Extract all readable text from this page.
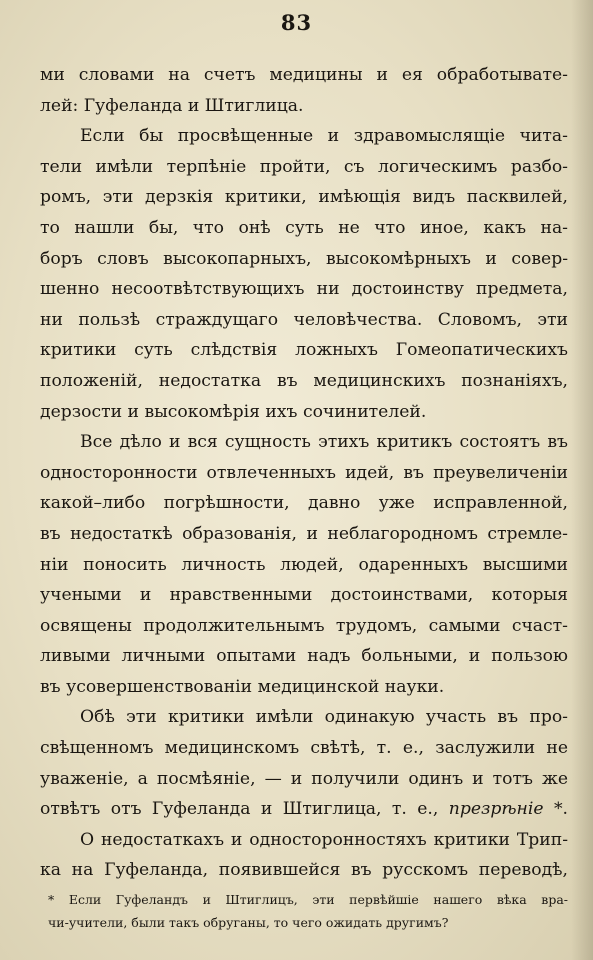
83
ми словами на счетъ медицины и ея обработывате-
лей: Гуфеланда и Штиглица.
Если бы просвѣщенные и здравомыслящіе чита-
тели имѣли терпѣніе пройти, съ логическимъ разбо-
ромъ, эти дерзкія критики, имѣющія видъ пасквилей,
то нашли бы, что онѣ суть не что иное, какъ на-
боръ словъ высокопарныхъ, высокомѣрныхъ и совер-
шенно несоотвѣтствующихъ ни достоинству предмета,
ни пользѣ страждущаго человѣчества. Словомъ, эти
критики суть слѣдствія ложныхъ Гомеопатическихъ
положеній, недостатка въ медицинскихъ познаніяхъ,
дерзости и высокомѣрія ихъ сочинителей.
Все дѣло и вся сущность этихъ критикъ состоятъ въ
односторонности отвлеченныхъ идей, въ преувеличеніи
какой–либо погрѣшности, давно уже исправленной,
въ недостаткѣ образованія, и неблагородномъ стремле-
ніи поносить личность людей, одаренныхъ высшими
учеными и нравственными достоинствами, которыя
освящены продолжительнымъ трудомъ, самыми счаст-
ливыми личными опытами надъ больными, и пользою
въ усовершенствованіи медицинской науки.
Обѣ эти критики имѣли одинакую участь въ про-
свѣщенномъ медицинскомъ свѣтѣ, т. е., заслужили не
уваженіе, а посмѣяніе, — и получили одинъ и тотъ же
отвѣтъ отъ Гуфеланда и Штиглица, т. е., презрѣніе *.
О недостаткахъ и односторонностяхъ критики Трип-
ка на Гуфеланда, появившейся въ русскомъ переводѣ,
* Если Гуфеландъ и Штиглицъ, эти первѣйшіе нашего вѣка вра-
чи-учители, были такъ обруганы, то чего ожидать другимъ?
